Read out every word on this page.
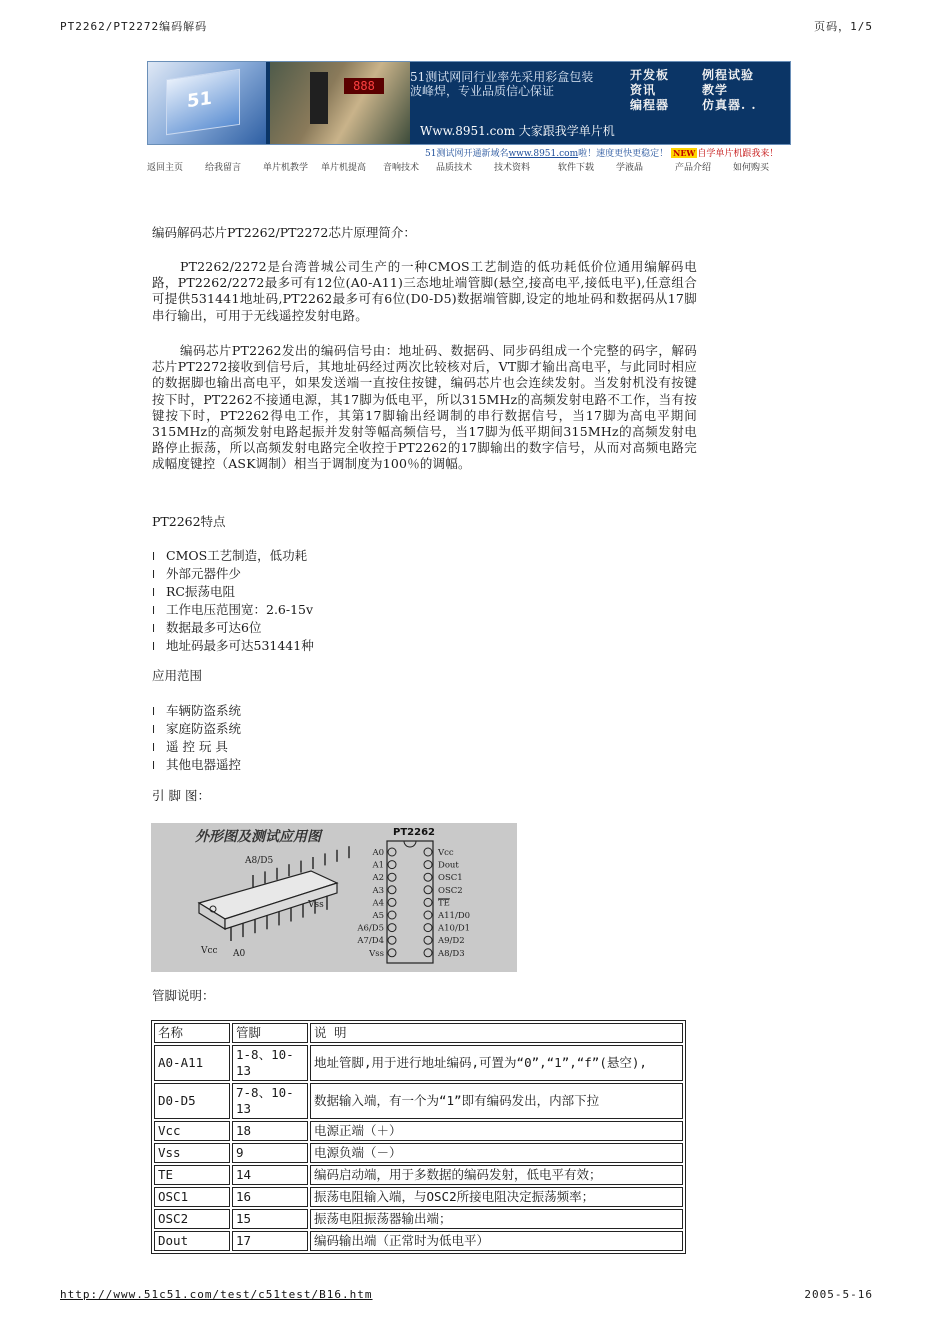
PT2262/PT2272编码解码	页码，1/5
51
888
51测试网同行业率先采用彩盒包装
波峰焊，专业品质信心保证
开发板
资讯
编程器
例程试验
教学
仿真器. .
Www.8951.com 大家跟我学单片机
51测试网开通新域名www.8951.com啦！速度更快更稳定！ NEW 自学单片机跟我来！
返回主页 给我留言 单片机教学 单片机提高 音响技术 品质技术 技术资料	软件下载 学液晶	产品介绍 如何购买
编码解码芯片PT2262/PT2272芯片原理简介：
PT2262/2272是台湾普城公司生产的一种CMOS工艺制造的低功耗低价位通用编解码电路，PT2262/2272最多可有12位(A0-A11)三态地址端管脚(悬空,接高电平,接低电平),任意组合可提供531441地址码,PT2262最多可有6位(D0-D5)数据端管脚,设定的地址码和数据码从17脚串行输出，可用于无线遥控发射电路。
编码芯片PT2262发出的编码信号由：地址码、数据码、同步码组成一个完整的码字，解码芯片PT2272接收到信号后，其地址码经过两次比较核对后，VT脚才输出高电平，与此同时相应的数据脚也输出高电平，如果发送端一直按住按键，编码芯片也会连续发射。当发射机没有按键按下时，PT2262不接通电源，其17脚为低电平，所以315MHz的高频发射电路不工作，当有按键按下时，PT2262得电工作，其第17脚输出经调制的串行数据信号，当17脚为高电平期间315MHz的高频发射电路起振并发射等幅高频信号，当17脚为低平期间315MHz的高频发射电路停止振荡，所以高频发射电路完全收控于PT2262的17脚输出的数字信号，从而对高频电路完成幅度键控（ASK调制）相当于调制度为100％的调幅。
PT2262特点
l CMOS工艺制造，低功耗
l 外部元器件少
l RC振荡电阻
l 工作电压范围宽：2.6-15v
l 数据最多可达6位
l 地址码最多可达531441种
应用范围
l 车辆防盗系统
l 家庭防盗系统
l 遥 控 玩 具
l 其他电器遥控
引 脚 图：
外形图及测试应用图
A8/D5
Vss
Vcc A0
PT2262
A0
A1
A2
A3
A4
A5
A6/D5
A7/D4
Vss
Vcc
Dout
OSC1
OSC2
TE
A11/D0
A10/D1
A9/D2
A8/D3
管脚说明：
名称	管脚	说 明
A0-A11	1-8、10-13	地址管脚,用于进行地址编码,可置为“0”,“1”,“f”(悬空),
D0-D5	7-8、10-13	数据输入端，有一个为“1”即有编码发出，内部下拉
Vcc	18	电源正端（＋）
Vss	9	电源负端（－）
TE	14	编码启动端，用于多数据的编码发射，低电平有效；
OSC1	16	振荡电阻输入端，与OSC2所接电阻决定振荡频率；
OSC2	15	振荡电阻振荡器输出端；
Dout	17	编码输出端（正常时为低电平）
http://www.51c51.com/test/c51test/B16.htm	2005-5-16
